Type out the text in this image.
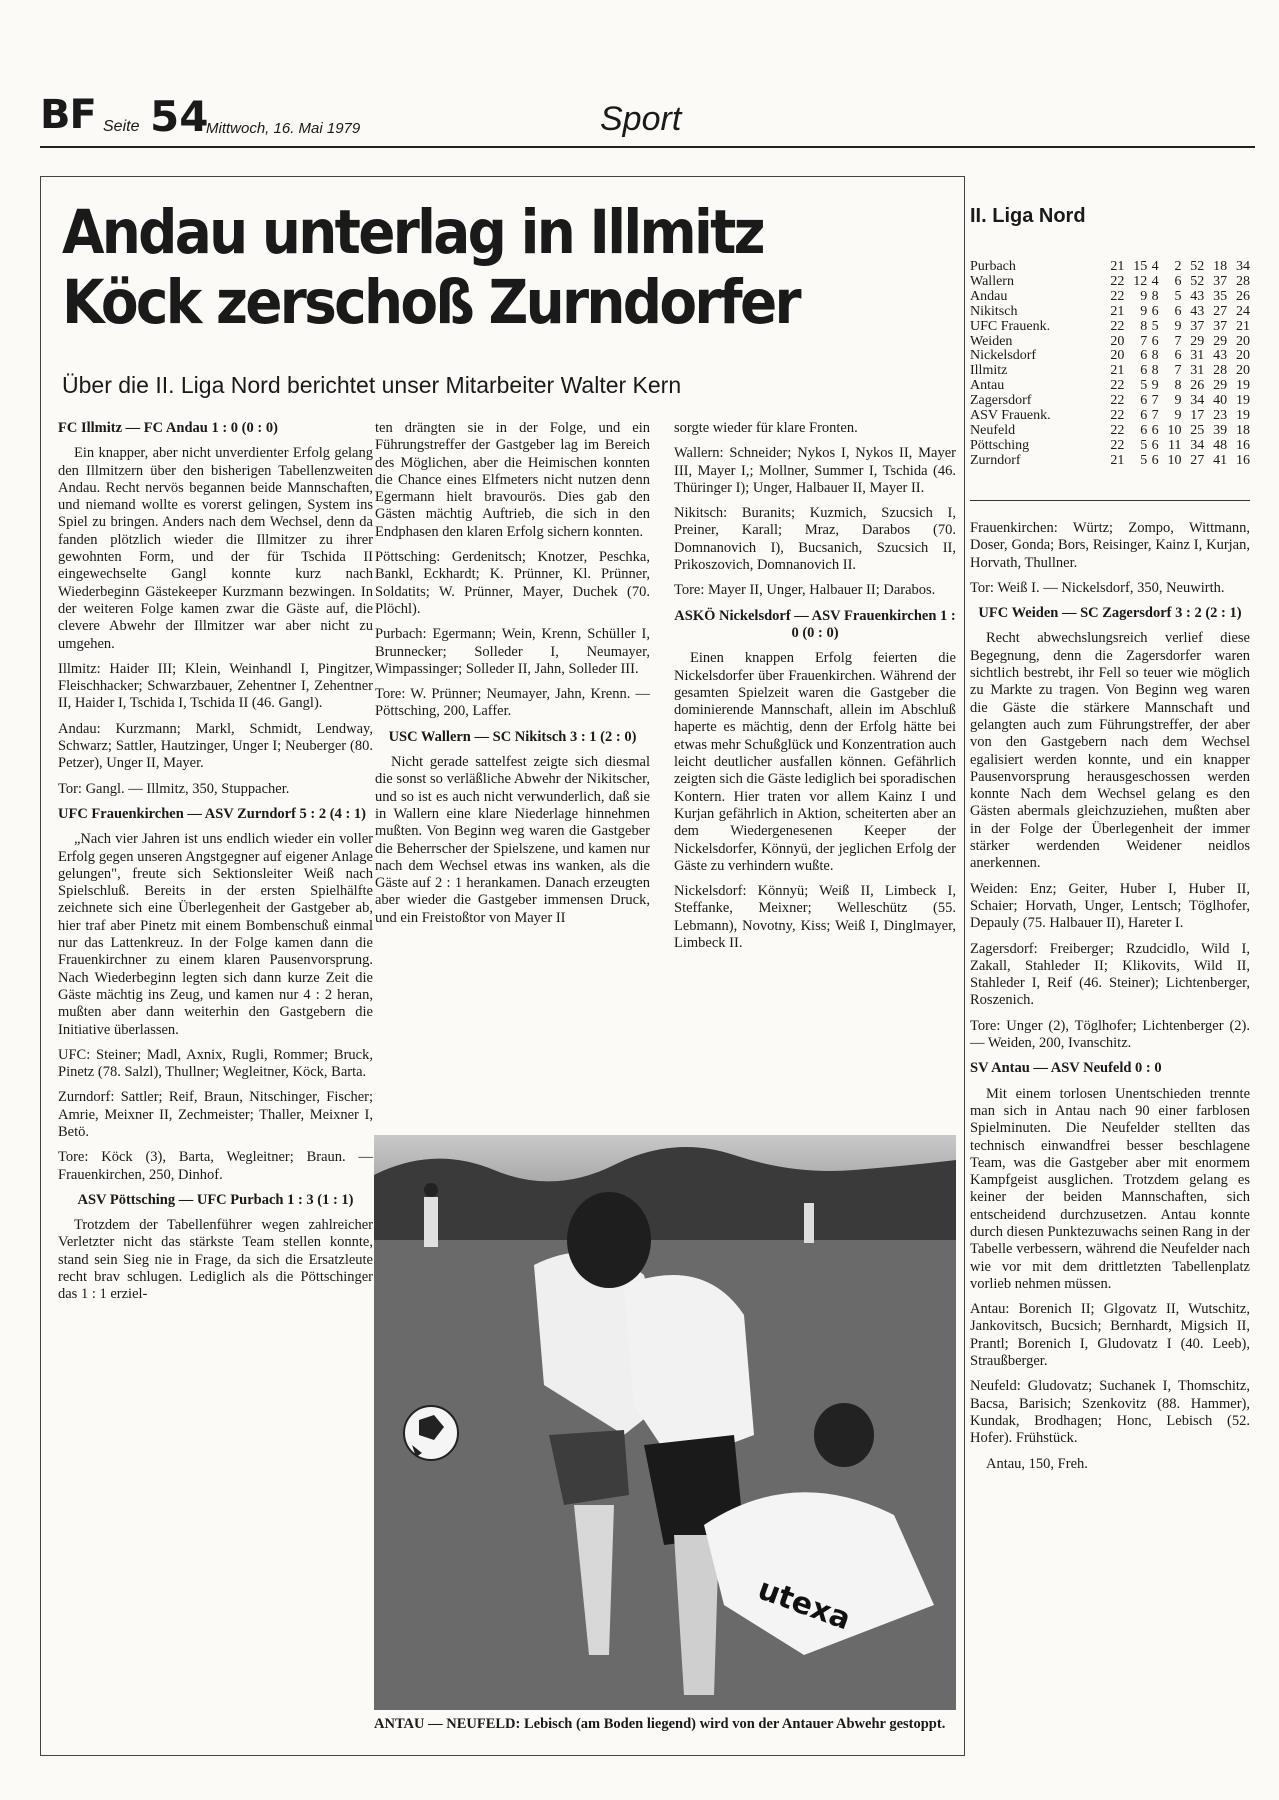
BF Seite 54
Mittwoch, 16. Mai 1979	Sport
Andau unterlag in Illmitz
Köck zerschoß Zurndorfer
Über die II. Liga Nord berichtet unser Mitarbeiter Walter Kern

FC Illmitz — FC Andau 1 : 0 (0 : 0)

Ein knapper, aber nicht unverdienter Erfolg gelang den Illmitzern über den bisherigen Tabellenzweiten Andau. Recht nervös begannen beide Mannschaften, und niemand wollte es vorerst gelingen, System ins Spiel zu bringen. Anders nach dem Wechsel, denn da fanden plötzlich wieder die Illmitzer zu ihrer gewohnten Form, und der für Tschida II eingewechselte Gangl konnte kurz nach Wiederbeginn Gästekeeper Kurzmann bezwingen. In der weiteren Folge kamen zwar die Gäste auf, die clevere Abwehr der Illmitzer war aber nicht zu umgehen.

Illmitz: Haider III; Klein, Weinhandl I, Pingitzer, Fleischhacker; Schwarzbauer, Zehentner I, Zehentner II, Haider I, Tschida I, Tschida II (46. Gangl).

Andau: Kurzmann; Markl, Schmidt, Lendway, Schwarz; Sattler, Hautzinger, Unger I; Neuberger (80. Petzer), Unger II, Mayer.

Tor: Gangl. — Illmitz, 350, Stuppacher.

UFC Frauenkirchen — ASV Zurndorf 5 : 2 (4 : 1)

„Nach vier Jahren ist uns endlich wieder ein voller Erfolg gegen unseren Angstgegner auf eigener Anlage gelungen", freute sich Sektionsleiter Weiß nach Spielschluß. Bereits in der ersten Spielhälfte zeichnete sich eine Überlegenheit der Gastgeber ab, hier traf aber Pinetz mit einem Bombenschuß einmal nur das Lattenkreuz. In der Folge kamen dann die Frauenkirchner zu einem klaren Pausenvorsprung. Nach Wiederbeginn legten sich dann kurze Zeit die Gäste mächtig ins Zeug, und kamen nur 4 : 2 heran, mußten aber dann weiterhin den Gastgebern die Initiative überlassen.

UFC: Steiner; Madl, Axnix, Rugli, Rommer; Bruck, Pinetz (78. Salzl), Thullner; Wegleitner, Köck, Barta.

Zurndorf: Sattler; Reif, Braun, Nitschinger, Fischer; Amrie, Meixner II, Zechmeister; Thaller, Meixner I, Betö.

Tore: Köck (3), Barta, Wegleitner; Braun. — Frauenkirchen, 250, Dinhof.

ASV Pöttsching — UFC Purbach 1 : 3 (1 : 1)

Trotzdem der Tabellenführer wegen zahlreicher Verletzter nicht das stärkste Team stellen konnte, stand sein Sieg nie in Frage, da sich die Ersatzleute recht brav schlugen. Lediglich als die Pöttschinger das 1 : 1 erziel-

ten drängten sie in der Folge, und ein Führungstreffer der Gastgeber lag im Bereich des Möglichen, aber die Heimischen konnten die Chance eines Elfmeters nicht nutzen denn Egermann hielt bravourös. Dies gab den Gästen mächtig Auftrieb, die sich in den Endphasen den klaren Erfolg sichern konnten.

Pöttsching: Gerdenitsch; Knotzer, Peschka, Bankl, Eckhardt; K. Prünner, Kl. Prünner, Soldatits; W. Prünner, Mayer, Duchek (70. Plöchl).

Purbach: Egermann; Wein, Krenn, Schüller I, Brunnecker; Solleder I, Neumayer, Wimpassinger; Solleder II, Jahn, Solleder III.

Tore: W. Prünner; Neumayer, Jahn, Krenn. — Pöttsching, 200, Laffer.

USC Wallern — SC Nikitsch 3 : 1 (2 : 0)

Nicht gerade sattelfest zeigte sich diesmal die sonst so verläßliche Abwehr der Nikitscher, und so ist es auch nicht verwunderlich, daß sie in Wallern eine klare Niederlage hinnehmen mußten. Von Beginn weg waren die Gastgeber die Beherrscher der Spielszene, und kamen nur nach dem Wechsel etwas ins wanken, als die Gäste auf 2 : 1 herankamen. Danach erzeugten aber wieder die Gastgeber immensen Druck, und ein Freistoßtor von Mayer II

sorgte wieder für klare Fronten.

Wallern: Schneider; Nykos I, Nykos II, Mayer III, Mayer I,; Mollner, Summer I, Tschida (46. Thüringer I); Unger, Halbauer II, Mayer II.

Nikitsch: Buranits; Kuzmich, Szucsich I, Preiner, Karall; Mraz, Darabos (70. Domnanovich I), Bucsanich, Szucsich II, Prikoszovich, Domnanovich II.

Tore: Mayer II, Unger, Halbauer II; Darabos.

ASKÖ Nickelsdorf — ASV Frauenkirchen 1 : 0 (0 : 0)

Einen knappen Erfolg feierten die Nickelsdorfer über Frauenkirchen. Während der gesamten Spielzeit waren die Gastgeber die dominierende Mannschaft, allein im Abschluß haperte es mächtig, denn der Erfolg hätte bei etwas mehr Schußglück und Konzentration auch leicht deutlicher ausfallen können. Gefährlich zeigten sich die Gäste lediglich bei sporadischen Kontern. Hier traten vor allem Kainz I und Kurjan gefährlich in Aktion, scheiterten aber an dem Wiedergenesenen Keeper der Nickelsdorfer, Könnyü, der jeglichen Erfolg der Gäste zu verhindern wußte.

Nickelsdorf: Könnyü; Weiß II, Limbeck I, Steffanke, Meixner; Welleschütz (55. Lebmann), Novotny, Kiss; Weiß I, Dinglmayer, Limbeck II.

II. Liga Nord
Purbach	21	15	4	2	52	18	34
Wallern	22	12	4	6	52	37	28
Andau	22	9	8	5	43	35	26
Nikitsch	21	9	6	6	43	27	24
UFC Frauenk.	22	8	5	9	37	37	21
Weiden	20	7	6	7	29	29	20
Nickelsdorf	20	6	8	6	31	43	20
Illmitz	21	6	8	7	31	28	20
Antau	22	5	9	8	26	29	19
Zagersdorf	22	6	7	9	34	40	19
ASV Frauenk.	22	6	7	9	17	23	19
Neufeld	22	6	6	10	25	39	18
Pöttsching	22	5	6	11	34	48	16
Zurndorf	21	5	6	10	27	41	16

Frauenkirchen: Würtz; Zompo, Wittmann, Doser, Gonda; Bors, Reisinger, Kainz I, Kurjan, Horvath, Thullner.

Tor: Weiß I. — Nickelsdorf, 350, Neuwirth.

UFC Weiden — SC Zagersdorf 3 : 2 (2 : 1)

Recht abwechslungsreich verlief diese Begegnung, denn die Zagersdorfer waren sichtlich bestrebt, ihr Fell so teuer wie möglich zu Markte zu tragen. Von Beginn weg waren die Gäste die stärkere Mannschaft und gelangten auch zum Führungstreffer, der aber von den Gastgebern nach dem Wechsel egalisiert werden konnte, und ein knapper Pausenvorsprung herausgeschossen werden konnte Nach dem Wechsel gelang es den Gästen abermals gleichzuziehen, mußten aber in der Folge der Überlegenheit der immer stärker werdenden Weidener neidlos anerkennen.

Weiden: Enz; Geiter, Huber I, Huber II, Schaier; Horvath, Unger, Lentsch; Töglhofer, Depauly (75. Halbauer II), Hareter I.

Zagersdorf: Freiberger; Rzudcidlo, Wild I, Zakall, Stahleder II; Klikovits, Wild II, Stahleder I, Reif (46. Steiner); Lichtenberger, Roszenich.

Tore: Unger (2), Töglhofer; Lichtenberger (2). — Weiden, 200, Ivanschitz.

SV Antau — ASV Neufeld 0 : 0

Mit einem torlosen Unentschieden trennte man sich in Antau nach 90 einer farblosen Spielminuten. Die Neufelder stellten das technisch einwandfrei besser beschlagene Team, was die Gastgeber aber mit enormem Kampfgeist ausglichen. Trotzdem gelang es keiner der beiden Mannschaften, sich entscheidend durchzusetzen. Antau konnte durch diesen Punktezuwachs seinen Rang in der Tabelle verbessern, während die Neufelder nach wie vor mit dem drittletzten Tabellenplatz vorlieb nehmen müssen.

Antau: Borenich II; Glgovatz II, Wutschitz, Jankovitsch, Bucsich; Bernhardt, Migsich II, Prantl; Borenich I, Gludovatz I (40. Leeb), Straußberger.

Neufeld: Gludovatz; Suchanek I, Thomschitz, Bacsa, Barisich; Szenkovitz (88. Hammer), Kundak, Brodhagen; Honc, Lebisch (52. Hofer). Frühstück.

Antau, 150, Freh.

utexa
ANTAU — NEUFELD: Lebisch (am Boden liegend) wird von der Antauer Abwehr gestoppt.
